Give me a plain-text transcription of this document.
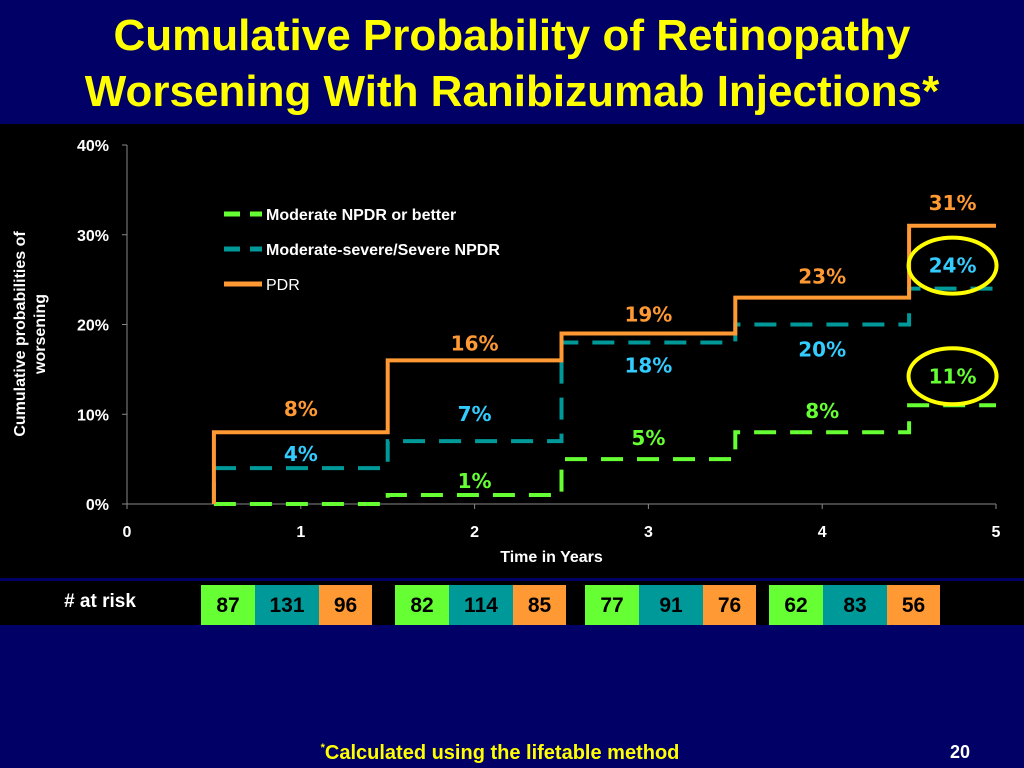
Cumulative Probability of Retinopathy
Worsening With Ranibizumab Injections*
0%
10%
20%
30%
40%
0	1	2	3	4	5
Time in Years
Cumulative probabilities of worsening
1%
5%
8%
11%
4%
7%
18%
20%
24%
8%
16%
19%
23%
31%
Moderate NPDR or better
Moderate-severe/Severe NPDR
PDR
# at risk	87	131	96	82	114	85	77	91	76	62	83	56
*Calculated using the lifetable method	20
